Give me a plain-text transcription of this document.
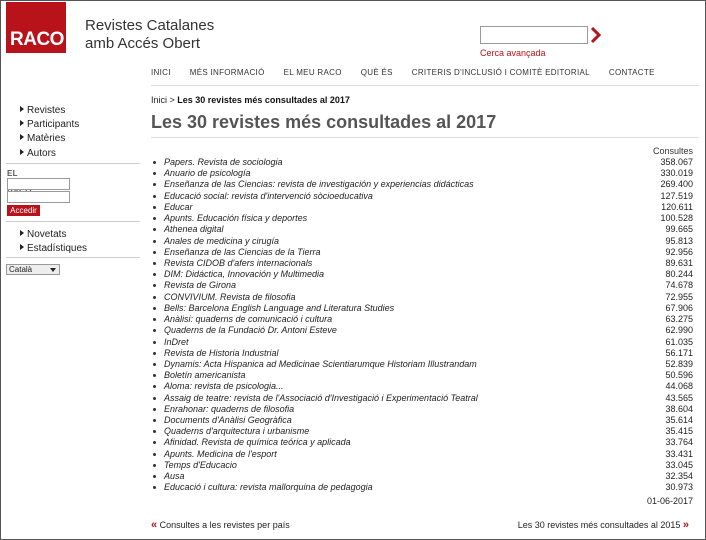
RACO
Revistes Catalanes
amb Accés Obert
Cerca avançada
INICI MÉS INFORMACIÓ EL MEU RACO QUÈ ÉS CRITERIS D'INCLUSIÓ I COMITÈ EDITORIAL CONTACTE
Revistes
Participants
Matèries
Autors
EL
Accedir
Novetats
Estadístiques
Català
Inici > Les 30 revistes més consultades al 2017
Les 30 revistes més consultades al 2017
Consultes
Papers. Revista de sociologia	358.067
Anuario de psicología	330.019
Enseñanza de las Ciencias: revista de investigación y experiencias didácticas	269.400
Educació social: revista d'intervenció sòcioeducativa	127.519
Educar	120.611
Apunts. Educación física y deportes	100.528
Athenea digital	99.665
Anales de medicina y cirugía	95.813
Enseñanza de las Ciencias de la Tierra	92.956
Revista CIDOB d'afers internacionals	89.631
DIM: Didáctica, Innovación y Multimedia	80.244
Revista de Girona	74.678
CONVIVIUM. Revista de filosofia	72.955
Bells: Barcelona English Language and Literatura Studies	67.906
Anàlisi: quaderns de comunicació i cultura	63.275
Quaderns de la Fundació Dr. Antoni Esteve	62.990
InDret	61.035
Revista de Historia Industrial	56.171
Dynamis: Acta Hispanica ad Medicinae Scientiarumque Historiam Illustrandam	52.839
Boletín americanista	50.596
Aloma: revista de psicologia...	44.068
Assaig de teatre: revista de l'Associació d'Investigació i Experimentació Teatral	43.565
Enrahonar: quaderns de filosofia	38.604
Documents d'Anàlisi Geogràfica	35.614
Quaderns d'arquitectura i urbanisme	35.415
Afinidad. Revista de química teórica y aplicada	33.764
Apunts. Medicina de l'esport	33.431
Temps d'Educacio	33.045
Ausa	32.354
Educació i cultura: revista mallorquina de pedagogia	30.973
01-06-2017
« Consultes a les revistes per país	Les 30 revistes més consultades al 2015 »
